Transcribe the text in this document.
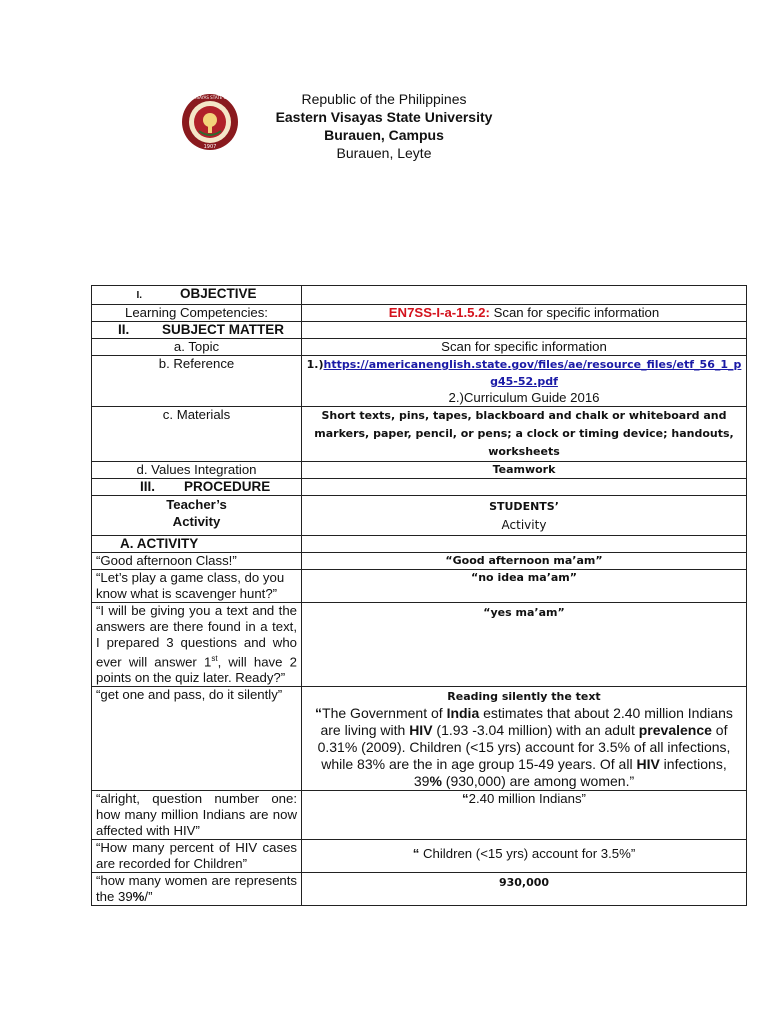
EASTERN VISAYAS STATE UNIVERSITY
1907
Republic of the Philippines
Eastern Visayas State University
Burauen, Campus
Burauen, Leyte
I. OBJECTIVE	
Learning Competencies:	EN7SS-I-a-1.5.2: Scan for specific information
II. SUBJECT MATTER	
a. Topic	Scan for specific information
b. Reference	1.)https://americanenglish.state.gov/files/ae/resource_files/etf_56_1_pg45-52.pdf
2.)Curriculum Guide 2016
c. Materials	Short texts, pins, tapes, blackboard and chalk or whiteboard and markers, paper, pencil, or pens; a clock or timing device; handouts, worksheets
d. Values Integration	Teamwork
III. PROCEDURE	
Teacher’s
Activity	STUDENTS’
Activity
A. ACTIVITY	
“Good afternoon Class!”	“Good afternoon ma’am”
“Let’s play a game class, do you know what is scavenger hunt?”	“no idea ma’am”
“I will be giving you a text and the answers are there found in a text, I prepared 3 questions and who ever will answer 1st, will have 2 points on the quiz later. Ready?”	“yes ma’am”
“get one and pass, do it silently”	Reading silently the text
“The Government of India estimates that about 2.40 million Indians are living with HIV (1.93 -3.04 million) with an adult prevalence of 0.31% (2009). Children (<15 yrs) account for 3.5% of all infections, while 83% are the in age group 15-49 years. Of all HIV infections, 39% (930,000) are among women.”

“alright, question number one: how many million Indians are now affected with HIV”	“2.40 million Indians”
“How many percent of HIV cases are recorded for Children”	“ Children (<15 yrs) account for 3.5%”
“how many women are represents the 39%/”	930,000
